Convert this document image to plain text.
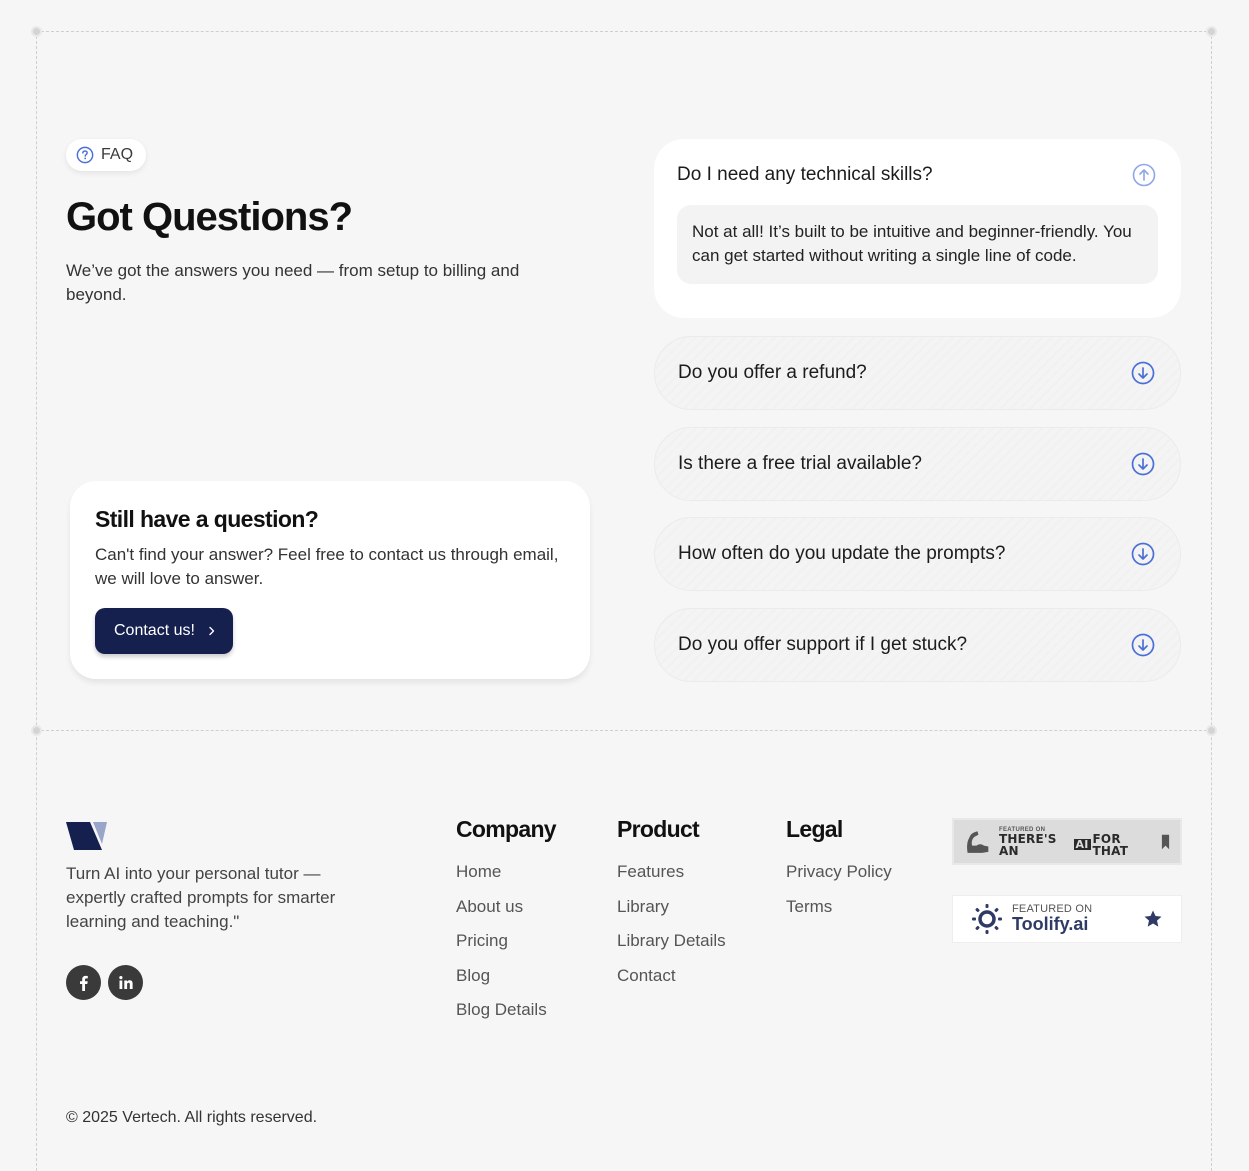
FAQ
Got Questions?

We’ve got the answers you need — from setup to billing and beyond.

Still have a question?

Can't find your answer? Feel free to contact us through email, we will love to answer.

Contact us!
Do I need any technical skills?
Not at all! It’s built to be intuitive and beginner-friendly. You can get started without writing a single line of code.
Do you offer a refund?
Is there a free trial available?
How often do you update the prompts?
Do you offer support if I get stuck?

Turn AI into your personal tutor — expertly crafted prompts for smarter learning and teaching."

Company
Home
About us
Pricing
Blog
Blog Details
Product
Features
Library
Library Details
Contact
Legal
Privacy Policy
Terms
FEATURED ON
THERE'S AN	AI FOR THAT
FEATURED ON
Toolify.ai

© 2025 Vertech. All rights reserved.
